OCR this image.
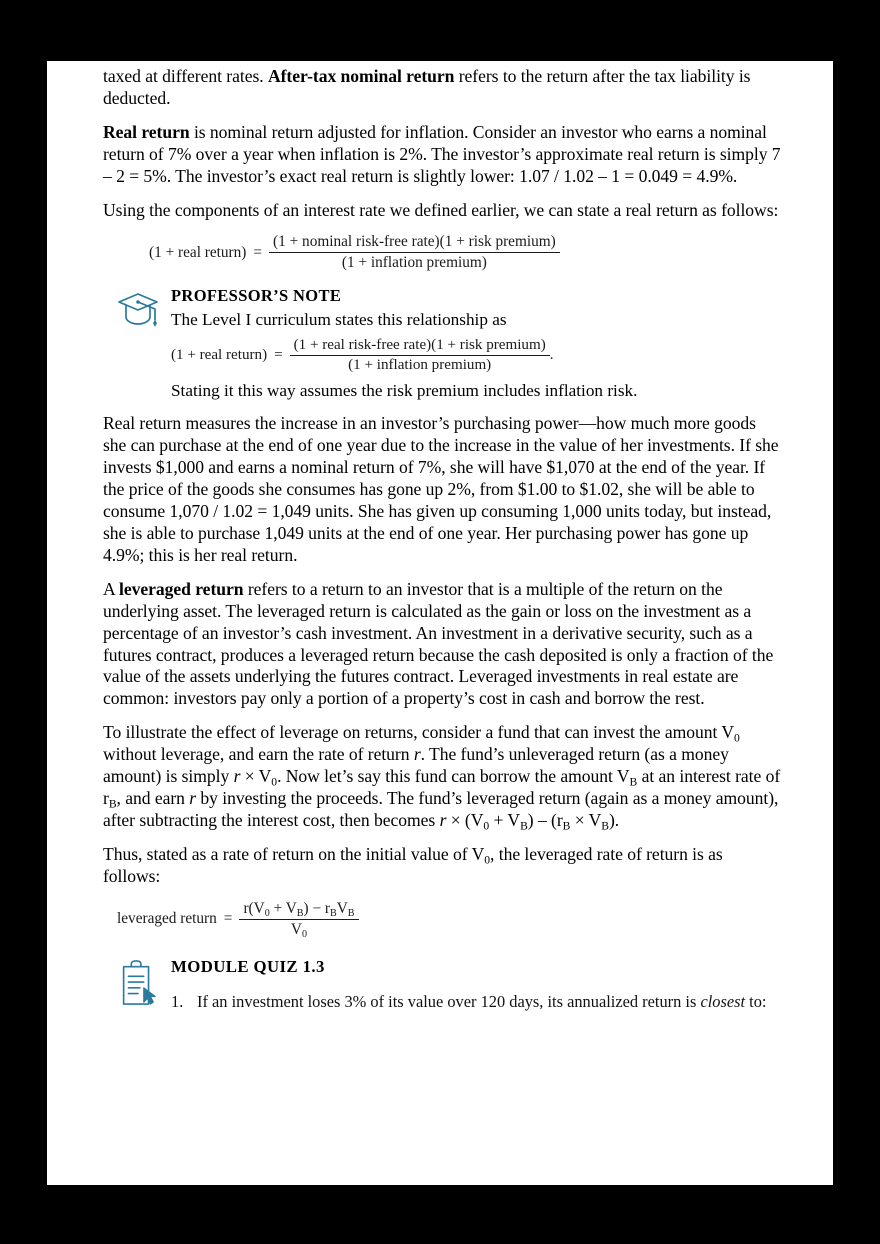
taxed at different rates. After-tax nominal return refers to the return after the tax liability is deducted.

Real return is nominal return adjusted for inflation. Consider an investor who earns a nominal return of 7% over a year when inflation is 2%. The investor’s approximate real return is simply 7 – 2 = 5%. The investor’s exact real return is slightly lower: 1.07 / 1.02 – 1 = 0.049 = 4.9%.

Using the components of an interest rate we defined earlier, we can state a real return as follows:

(1 + real return) = $\frac{\text{(1 + nominal risk-free rate)(1 + risk premium)}}{\text{(1 + inflation premium)}}$
PROFESSOR’S NOTE

The Level I curriculum states this relationship as

(1 + real return) = $\frac{\text{(1 + real risk-free rate)(1 + risk premium)}}{\text{(1 + inflation premium)}}$ .

Stating it this way assumes the risk premium includes inflation risk.

Real return measures the increase in an investor’s purchasing power—how much more goods she can purchase at the end of one year due to the increase in the value of her investments. If she invests $1,000 and earns a nominal return of 7%, she will have $1,070 at the end of the year. If the price of the goods she consumes has gone up 2%, from $1.00 to $1.02, she will be able to consume 1,070 / 1.02 = 1,049 units. She has given up consuming 1,000 units today, but instead, she is able to purchase 1,049 units at the end of one year. Her purchasing power has gone up 4.9%; this is her real return.

A leveraged return refers to a return to an investor that is a multiple of the return on the underlying asset. The leveraged return is calculated as the gain or loss on the investment as a percentage of an investor’s cash investment. An investment in a derivative security, such as a futures contract, produces a leveraged return because the cash deposited is only a fraction of the value of the assets underlying the futures contract. Leveraged investments in real estate are common: investors pay only a portion of a property’s cost in cash and borrow the rest.

To illustrate the effect of leverage on returns, consider a fund that can invest the amount $V_0$ without leverage, and earn the rate of return r. The fund’s unleveraged return (as a money amount) is simply $r \times V_0$. Now let’s say this fund can borrow the amount $V_B$ at an interest rate of $r_B$, and earn r by investing the proceeds. The fund’s leveraged return (again as a money amount), after subtracting the interest cost, then becomes $r \times (V_0 + V_B) - (r_B \times V_B)$.

Thus, stated as a rate of return on the initial value of $V_0$, the leveraged rate of return is as follows:

leveraged return = $\frac{r(V_0 + V_B) - r_BV_B}{V_0}$
MODULE QUIZ 1.3
1. If an investment loses 3% of its value over 120 days, its annualized return is closest to:
